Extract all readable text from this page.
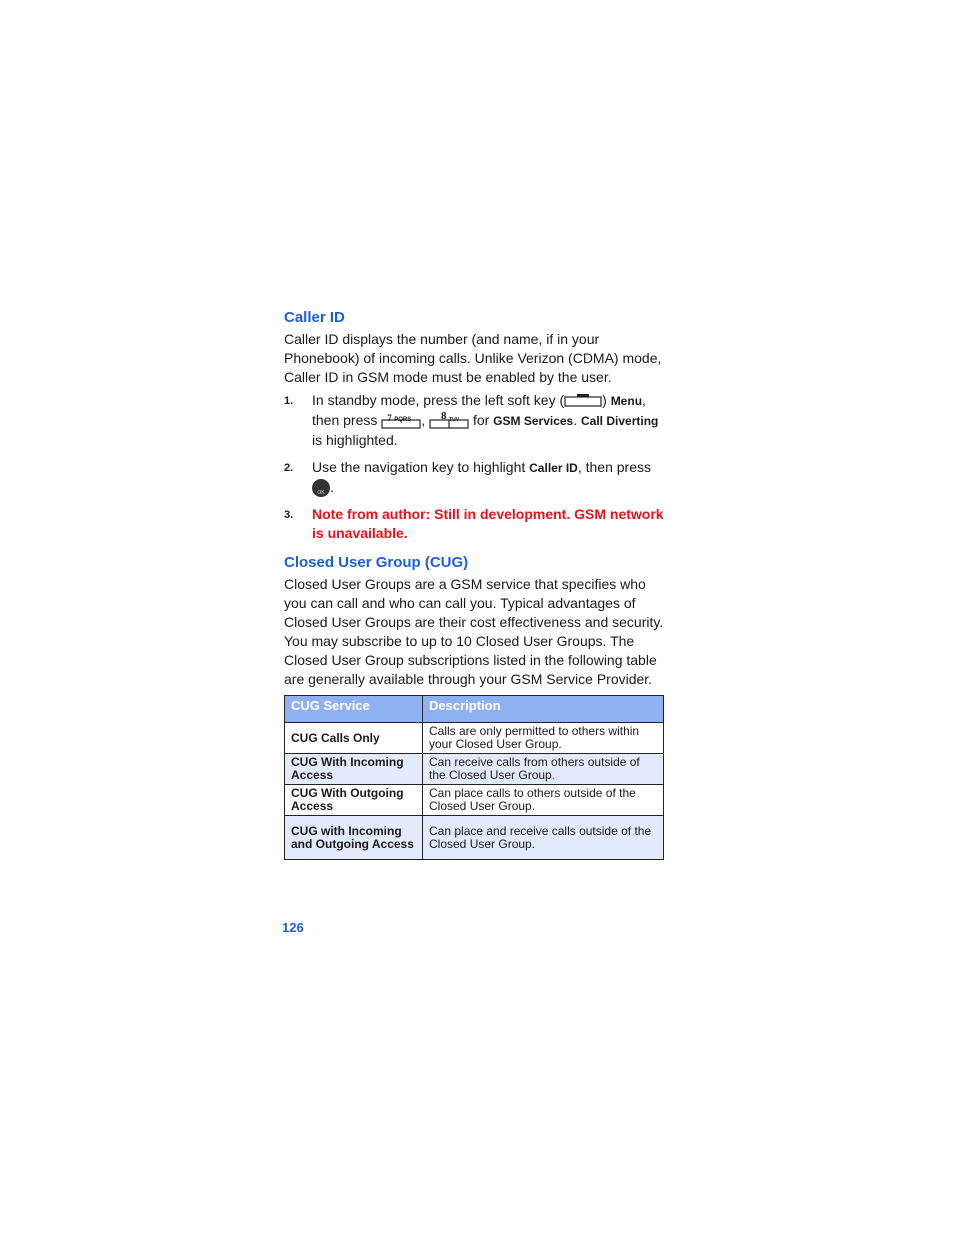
Caller ID

Caller ID displays the number (and name, if in your Phonebook) of incoming calls. Unlike Verizon (CDMA) mode, Caller ID in GSM mode must be enabled by the user.

1. In standby mode, press the left soft key (	) Menu,
then press 7 PQRS , 8 TUV for GSM Services. Call Diverting is highlighted.
2. Use the navigation key to highlight Caller ID, then press
OK .
3. Note from author: Still in development. GSM network is unavailable.
Closed User Group (CUG)

Closed User Groups are a GSM service that specifies who you can call and who can call you. Typical advantages of Closed User Groups are their cost effectiveness and security. You may subscribe to up to 10 Closed User Groups. The Closed User Group subscriptions listed in the following table are generally available through your GSM Service Provider.

CUG Service	Description
CUG Calls Only	Calls are only permitted to others within your Closed User Group.
CUG With Incoming Access	Can receive calls from others outside of the Closed User Group.
CUG With Outgoing Access	Can place calls to others outside of the Closed User Group.
CUG with Incoming and Outgoing Access	Can place and receive calls outside of the Closed User Group.
126
